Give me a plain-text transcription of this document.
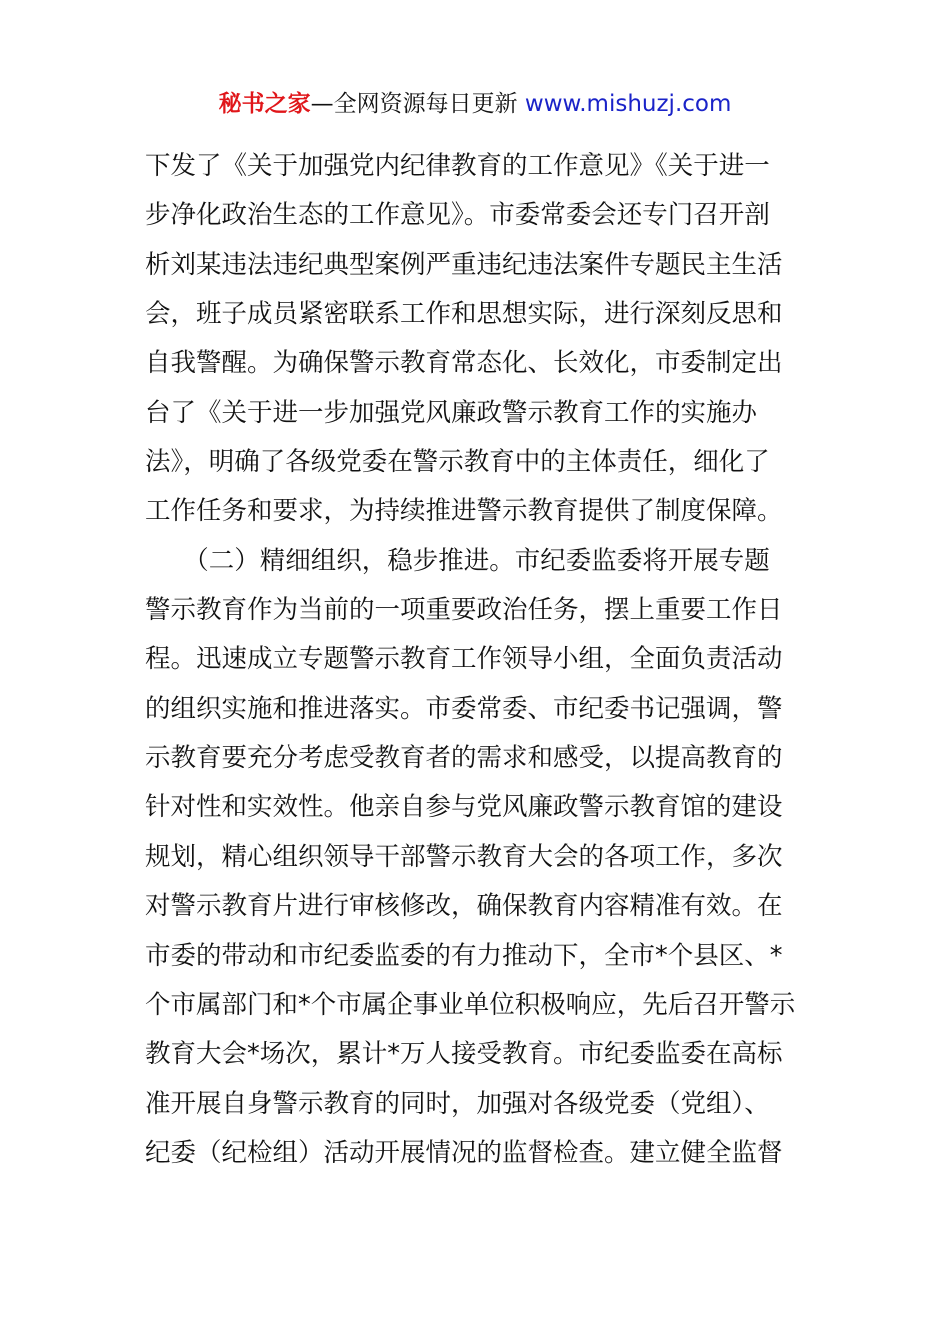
秘书之家—全网资源每日更新 www.mishuzj.com
下发了《关于加强党内纪律教育的工作意见》《关于进一
步净化政治生态的工作意见》。市委常委会还专门召开剖
析刘某违法违纪典型案例严重违纪违法案件专题民主生活
会，班子成员紧密联系工作和思想实际，进行深刻反思和
自我警醒。为确保警示教育常态化、长效化，市委制定出
台了《关于进一步加强党风廉政警示教育工作的实施办
法》，明确了各级党委在警示教育中的主体责任，细化了
工作任务和要求，为持续推进警示教育提供了制度保障。
　　（二）精细组织，稳步推进。市纪委监委将开展专题
警示教育作为当前的一项重要政治任务，摆上重要工作日
程。迅速成立专题警示教育工作领导小组，全面负责活动
的组织实施和推进落实。市委常委、市纪委书记强调，警
示教育要充分考虑受教育者的需求和感受，以提高教育的
针对性和实效性。他亲自参与党风廉政警示教育馆的建设
规划，精心组织领导干部警示教育大会的各项工作，多次
对警示教育片进行审核修改，确保教育内容精准有效。在
市委的带动和市纪委监委的有力推动下，全市*个县区、*
个市属部门和*个市属企事业单位积极响应，先后召开警示
教育大会*场次，累计*万人接受教育。市纪委监委在高标
准开展自身警示教育的同时，加强对各级党委（党组）、
纪委（纪检组）活动开展情况的监督检查。建立健全监督
